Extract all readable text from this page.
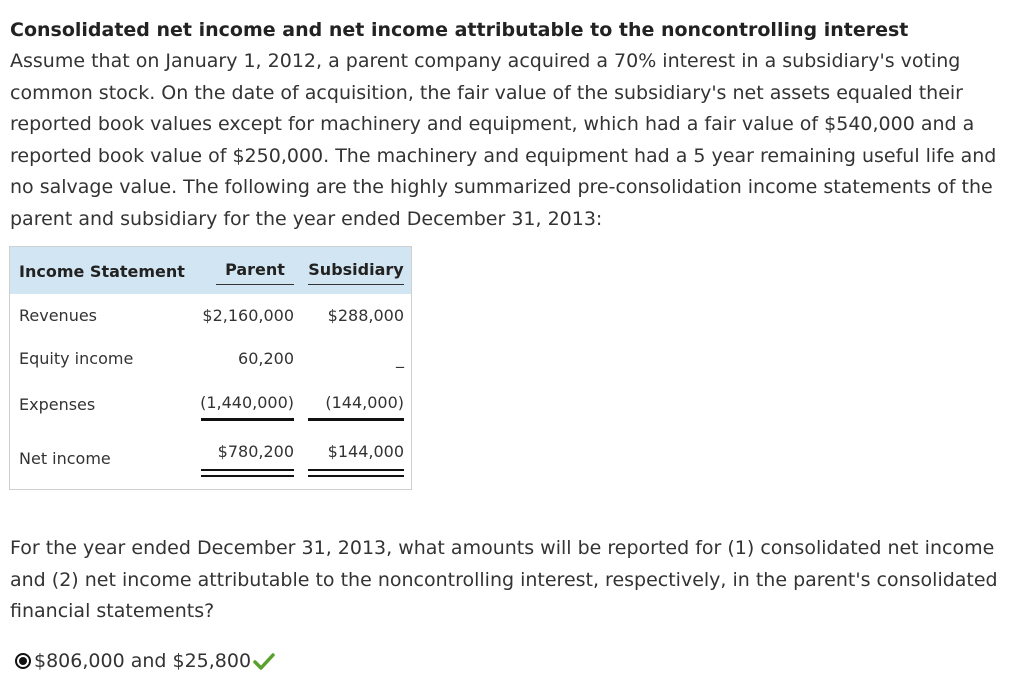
Consolidated net income and net income attributable to the noncontrolling interest

Assume that on January 1, 2012, a parent company acquired a 70% interest in a subsidiary's voting common stock. On the date of acquisition, the fair value of the subsidiary's net assets equaled their reported book values except for machinery and equipment, which had a fair value of $540,000 and a reported book value of $250,000. The machinery and equipment had a 5 year remaining useful life and no salvage value. The following are the highly summarized pre-consolidation income statements of the parent and subsidiary for the year ended December 31, 2013:

Income Statement	Parent	Subsidiary
Revenues	$2,160,000	$288,000
Equity income	60,200	_
Expenses	(1,440,000)	(144,000)
Net income	$780,200	$144,000

For the year ended December 31, 2013, what amounts will be reported for (1) consolidated net income and (2) net income attributable to the noncontrolling interest, respectively, in the parent's consolidated financial statements?

$806,000 and $25,800
